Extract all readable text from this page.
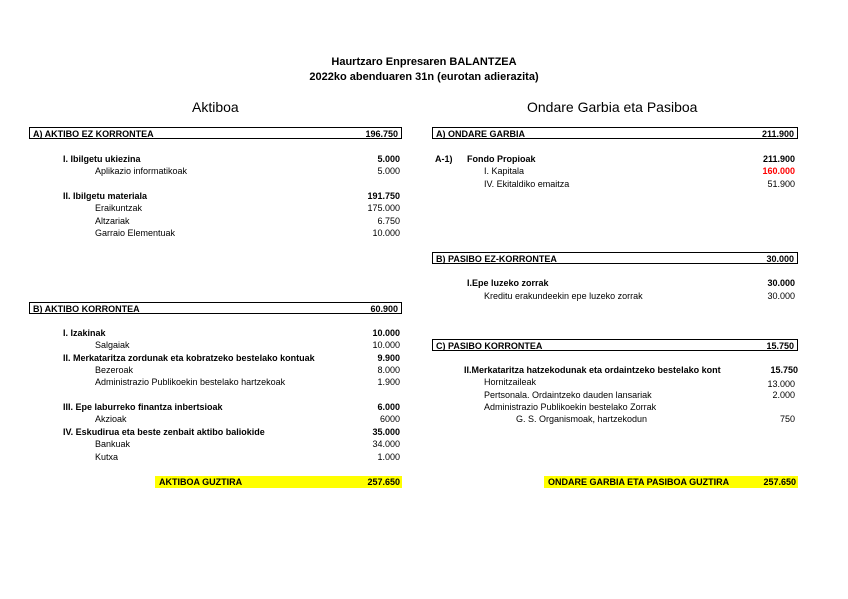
Haurtzaro Enpresaren BALANTZEA
2022ko abenduaren 31n (eurotan adierazita)
Aktiboa	Ondare Garbia eta Pasiboa
A) AKTIBO EZ KORRONTEA	196.750
I. Ibilgetu ukiezina	5.000
Aplikazio informatikoak	5.000
II. Ibilgetu materiala	191.750
Eraikuntzak	175.000
Altzariak	6.750
Garraio Elementuak	10.000
B) AKTIBO KORRONTEA	60.900
I. Izakinak	10.000
Salgaiak	10.000
II. Merkataritza zordunak eta kobratzeko bestelako kontuak	9.900
Bezeroak	8.000
Administrazio Publikoekin bestelako hartzekoak	1.900
III. Epe laburreko finantza inbertsioak	6.000
Akzioak	6000
IV. Eskudirua eta beste zenbait aktibo baliokide	35.000
Bankuak	34.000
Kutxa	1.000
AKTIBOA GUZTIRA	257.650
A) ONDARE GARBIA	211.900
A-1) Fondo Propioak	211.900
I. Kapitala	160.000
IV. Ekitaldiko emaitza	51.900
B) PASIBO EZ-KORRONTEA	30.000
I.Epe luzeko zorrak	30.000
Kreditu erakundeekin epe luzeko zorrak	30.000
C) PASIBO KORRONTEA	15.750
II.Merkataritza hatzekodunak eta ordaintzeko bestelako kont	15.750
Hornitzaileak	13.000
Pertsonala. Ordaintzeko dauden lansariak	2.000
Administrazio Publikoekin bestelako Zorrak
G. S. Organismoak, hartzekodun	750
ONDARE GARBIA ETA PASIBOA GUZTIRA	257.650
